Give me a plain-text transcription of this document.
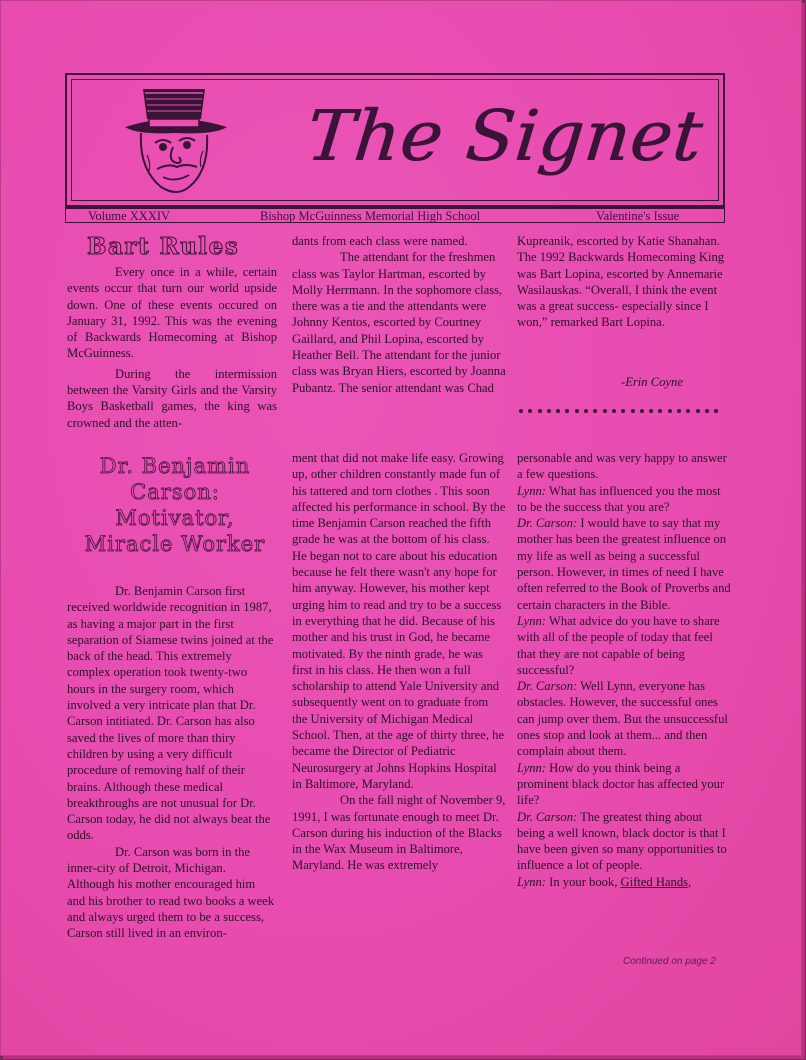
The Signet
Volume XXXIV	Bishop McGuinness Memorial High School	Valentine's Issue
Bart Rules

Every once in a while, certain events occur that turn our world upside down. One of these events occured on January 31, 1992. This was the evening of Backwards Homecoming at Bishop McGuinness.

During the intermission between the Varsity Girls and the Varsity Boys Basketball games, the king was crowned and the atten-

dants from each class were named.

The attendant for the freshmen class was Taylor Hartman, escorted by Molly Herrmann. In the sophomore class, there was a tie and the attendants were Johnny Kentos, escorted by Courtney Gaillard, and Phil Lopina, escorted by Heather Bell. The attendant for the junior class was Bryan Hiers, escorted by Joanna Pubantz. The senior attendant was Chad

Kupreanik, escorted by Katie Shanahan. The 1992 Backwards Homecoming King was Bart Lopina, escorted by Annemarie Wasilauskas. “Overall, I think the event was a great success- especially since I won,” remarked Bart Lopina.

-Erin Coyne
Dr. Benjamin Carson: Motivator, Miracle Worker

Dr. Benjamin Carson first received worldwide recognition in 1987, as having a major part in the first separation of Siamese twins joined at the back of the head. This extremely complex operation took twenty-two hours in the surgery room, which involved a very intricate plan that Dr. Carson intitiated. Dr. Carson has also saved the lives of more than thiry children by using a very difficult procedure of removing half of their brains. Although these medical breakthroughs are not unusual for Dr. Carson today, he did not always beat the odds.

Dr. Carson was born in the inner-city of Detroit, Michigan. Although his mother encouraged him and his brother to read two books a week and always urged them to be a success, Carson still lived in an environ-

ment that did not make life easy. Growing up, other children constantly made fun of his tattered and torn clothes . This soon affected his performance in school. By the time Benjamin Carson reached the fifth grade he was at the bottom of his class. He began not to care about his education because he felt there wasn't any hope for him anyway. However, his mother kept urging him to read and try to be a success in everything that he did. Because of his mother and his trust in God, he became motivated. By the ninth grade, he was first in his class. He then won a full scholarship to attend Yale University and subsequently went on to graduate from the University of Michigan Medical School. Then, at the age of thirty three, he became the Director of Pediatric Neurosurgery at Johns Hopkins Hospital in Baltimore, Maryland.

On the fall night of November 9, 1991, I was fortunate enough to meet Dr. Carson during his induction of the Blacks in the Wax Museum in Baltimore, Maryland. He was extremely

personable and was very happy to answer a few questions.

Lynn: What has influenced you the most to be the success that you are?

Dr. Carson: I would have to say that my mother has been the greatest influence on my life as well as being a successful person. However, in times of need I have often referred to the Book of Proverbs and certain characters in the Bible.

Lynn: What advice do you have to share with all of the people of today that feel that they are not capable of being successful?

Dr. Carson: Well Lynn, everyone has obstacles. However, the successful ones can jump over them. But the unsuccessful ones stop and look at them... and then complain about them.

Lynn: How do you think being a prominent black doctor has affected your life?

Dr. Carson: The greatest thing about being a well known, black doctor is that I have been given so many opportunities to influence a lot of people.

Lynn: In your book, Gifted Hands,

Continued on page 2
